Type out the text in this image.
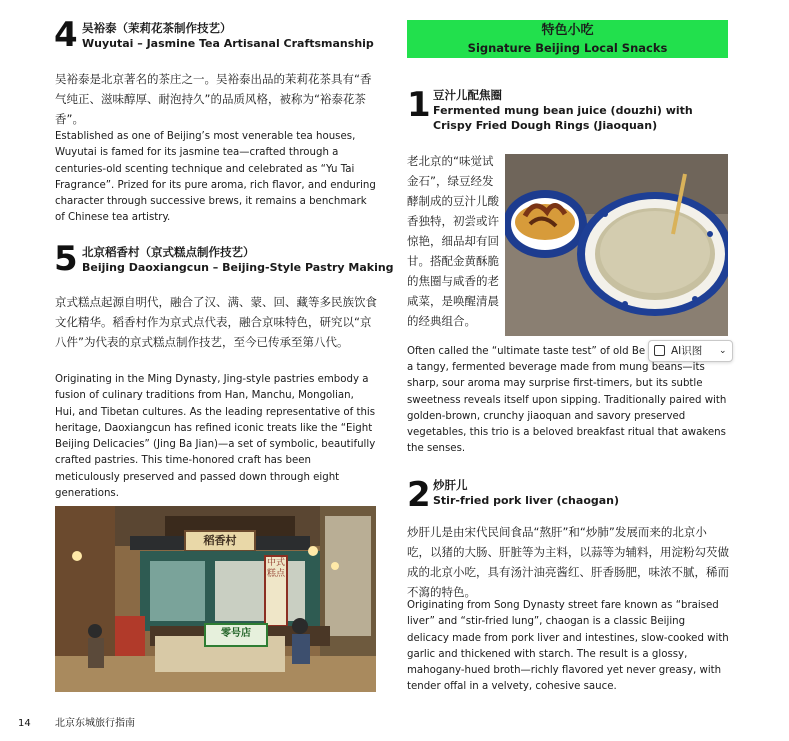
4 吴裕泰（茉莉花茶制作技艺）
Wuyutai – Jasmine Tea Artisanal Craftsmanship
吴裕泰是北京著名的茶庄之一。吴裕泰出品的茉莉花茶具有“香气纯正、滋味醇厚、耐泡持久”的品质风格，被称为“裕泰花茶香”。
Established as one of Beijing’s most venerable tea houses, Wuyutai is famed for its jasmine tea—crafted through a centuries-old scenting technique and celebrated as “Yu Tai Fragrance”. Prized for its pure aroma, rich flavor, and enduring character through successive brews, it remains a benchmark of Chinese tea artistry.
5 北京稻香村（京式糕点制作技艺）
Beijing Daoxiangcun – Beijing-Style Pastry Making
京式糕点起源自明代，融合了汉、满、蒙、回、藏等多民族饮食文化精华。稻香村作为京式点代表，融合京味特色，研究以“京八件”为代表的京式糕点制作技艺，至今已传承至第八代。
Originating in the Ming Dynasty, Jing-style pastries embody a fusion of culinary traditions from Han, Manchu, Mongolian, Hui, and Tibetan cultures. As the leading representative of this heritage, Daoxiangcun has refined iconic treats like the “Eight Beijing Delicacies” (Jing Ba Jian)—a set of symbolic, beautifully crafted pastries. This time-honored craft has been meticulously preserved and passed down through eight generations.
稻香村
零号店
中式糕点
特色小吃
Signature Beijing Local Snacks
1 豆汁儿配焦圈
Fermented mung bean juice (douzhi) with Crispy Fried Dough Rings (Jiaoquan)
老北京的“味觉试金石”，绿豆经发酵制成的豆汁儿酸香独特，初尝或许惊艳，细品却有回甘。搭配金黄酥脆的焦圈与咸香的老咸菜，是唤醒清晨的经典组合。
Often called the “ultimate taste test” of old Be AI识图 ⌄
a tangy, fermented beverage made from mung beans—its sharp, sour aroma may surprise first-timers, but its subtle sweetness reveals itself upon sipping. Traditionally paired with golden-brown, crunchy jiaoquan and savory preserved vegetables, this trio is a beloved breakfast ritual that awakens the senses.
2 炒肝儿
Stir-fried pork liver (chaogan)
炒肝儿是由宋代民间食品“熬肝”和“炒肺”发展而来的北京小吃，以猪的大肠、肝脏等为主料，以蒜等为辅料，用淀粉勾芡做成的北京小吃，具有汤汁油亮酱红、肝香肠肥，味浓不腻，稀而不瀉的特色。
Originating from Song Dynasty street fare known as “braised liver” and “stir-fried lung”, chaogan is a classic Beijing delicacy made from pork liver and intestines, slow-cooked with garlic and thickened with starch. The result is a glossy, mahogany-hued broth—richly flavored yet never greasy, with tender offal in a velvety, cohesive sauce.
14 北京东城旅行指南
